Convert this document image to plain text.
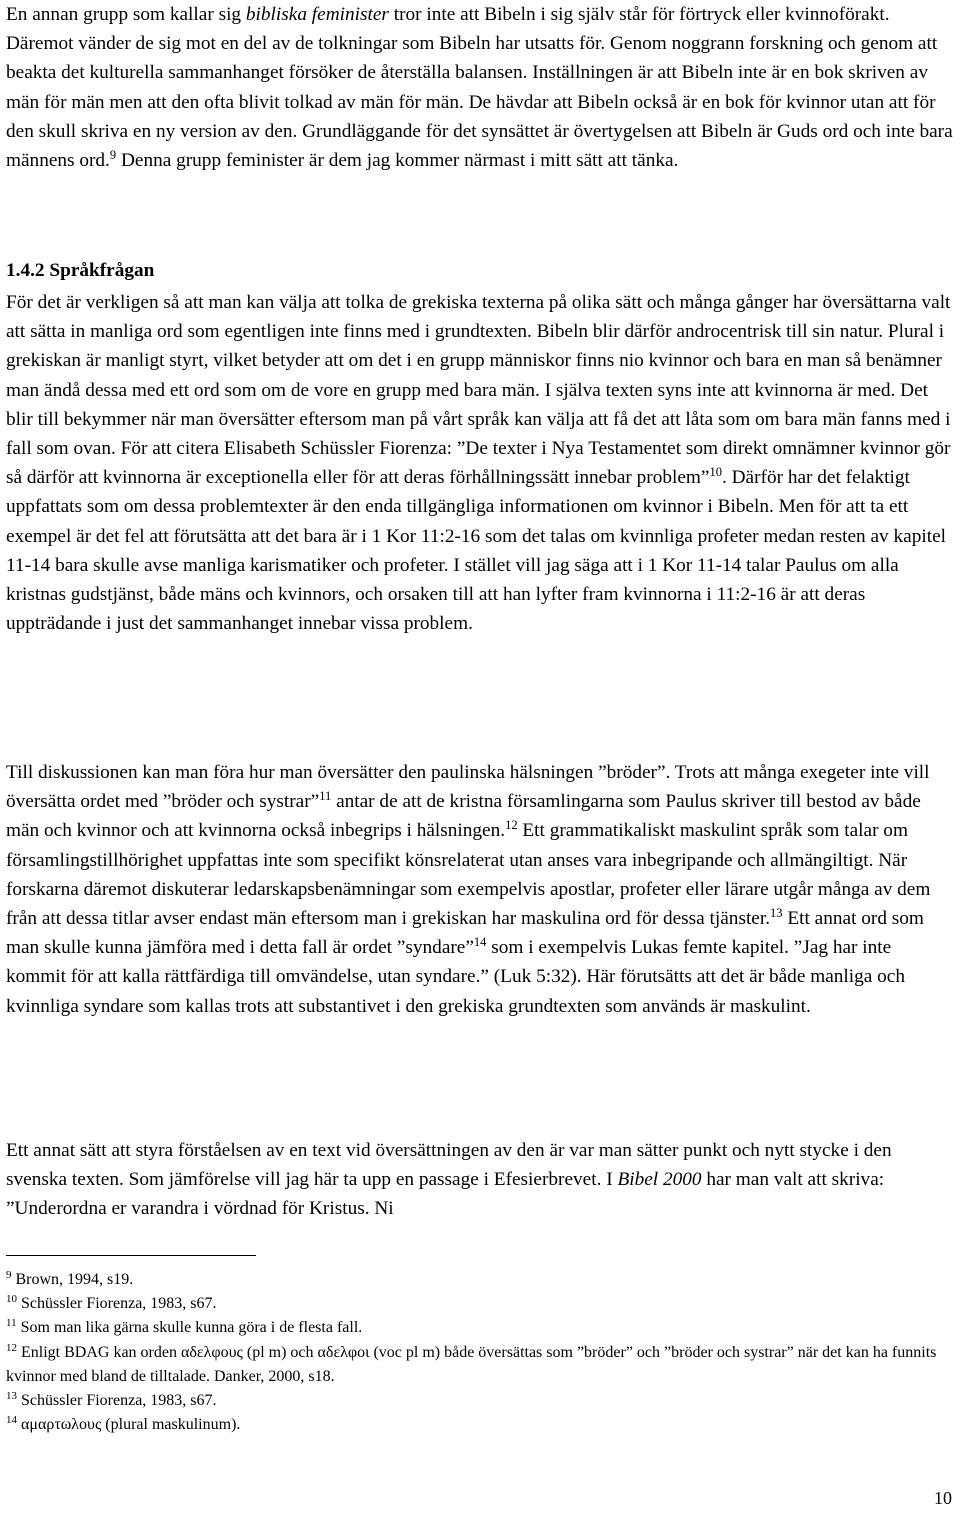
En annan grupp som kallar sig bibliska feminister tror inte att Bibeln i sig själv står för förtryck eller kvinnoförakt. Däremot vänder de sig mot en del av de tolkningar som Bibeln har utsatts för. Genom noggrann forskning och genom att beakta det kulturella sammanhanget försöker de återställa balansen. Inställningen är att Bibeln inte är en bok skriven av män för män men att den ofta blivit tolkad av män för män. De hävdar att Bibeln också är en bok för kvinnor utan att för den skull skriva en ny version av den. Grundläggande för det synsättet är övertygelsen att Bibeln är Guds ord och inte bara männens ord.$^9$ Denna grupp feminister är dem jag kommer närmast i mitt sätt att tänka.

1.4.2 Språkfrågan

För det är verkligen så att man kan välja att tolka de grekiska texterna på olika sätt och många gånger har översättarna valt att sätta in manliga ord som egentligen inte finns med i grundtexten. Bibeln blir därför androcentrisk till sin natur. Plural i grekiskan är manligt styrt, vilket betyder att om det i en grupp människor finns nio kvinnor och bara en man så benämner man ändå dessa med ett ord som om de vore en grupp med bara män. I själva texten syns inte att kvinnorna är med. Det blir till bekymmer när man översätter eftersom man på vårt språk kan välja att få det att låta som om bara män fanns med i fall som ovan. För att citera Elisabeth Schüssler Fiorenza: ”De texter i Nya Testamentet som direkt omnämner kvinnor gör så därför att kvinnorna är exceptionella eller för att deras förhållningssätt innebar problem”$^{10}$. Därför har det felaktigt uppfattats som om dessa problemtexter är den enda tillgängliga informationen om kvinnor i Bibeln. Men för att ta ett exempel är det fel att förutsätta att det bara är i 1 Kor 11:2-16 som det talas om kvinnliga profeter medan resten av kapitel 11-14 bara skulle avse manliga karismatiker och profeter. I stället vill jag säga att i 1 Kor 11-14 talar Paulus om alla kristnas gudstjänst, både mäns och kvinnors, och orsaken till att han lyfter fram kvinnorna i 11:2-16 är att deras uppträdande i just det sammanhanget innebar vissa problem.

Till diskussionen kan man föra hur man översätter den paulinska hälsningen ”bröder”. Trots att många exegeter inte vill översätta ordet med ”bröder och systrar”$^{11}$ antar de att de kristna församlingarna som Paulus skriver till bestod av både män och kvinnor och att kvinnorna också inbegrips i hälsningen.$^{12}$ Ett grammatikaliskt maskulint språk som talar om församlingstillhörighet uppfattas inte som specifikt könsrelaterat utan anses vara inbegripande och allmängiltigt. När forskarna däremot diskuterar ledarskapsbenämningar som exempelvis apostlar, profeter eller lärare utgår många av dem från att dessa titlar avser endast män eftersom man i grekiskan har maskulina ord för dessa tjänster.$^{13}$ Ett annat ord som man skulle kunna jämföra med i detta fall är ordet ”syndare”$^{14}$ som i exempelvis Lukas femte kapitel. ”Jag har inte kommit för att kalla rättfärdiga till omvändelse, utan syndare.” (Luk 5:32). Här förutsätts att det är både manliga och kvinnliga syndare som kallas trots att substantivet i den grekiska grundtexten som används är maskulint.

Ett annat sätt att styra förståelsen av en text vid översättningen av den är var man sätter punkt och nytt stycke i den svenska texten. Som jämförelse vill jag här ta upp en passage i Efesierbrevet. I Bibel 2000 har man valt att skriva: ”Underordna er varandra i vördnad för Kristus. Ni

$^9$ Brown, 1994, s19.

$^{10}$ Schüssler Fiorenza, 1983, s67.

$^{11}$ Som man lika gärna skulle kunna göra i de flesta fall.

$^{12}$ Enligt BDAG kan orden αδελφους (pl m) och αδελφοι (voc pl m) både översättas som ”bröder” och ”bröder och systrar” när det kan ha funnits kvinnor med bland de tilltalade. Danker, 2000, s18.

$^{13}$ Schüssler Fiorenza, 1983, s67.

$^{14}$ αμαρτωλους (plural maskulinum).

10
